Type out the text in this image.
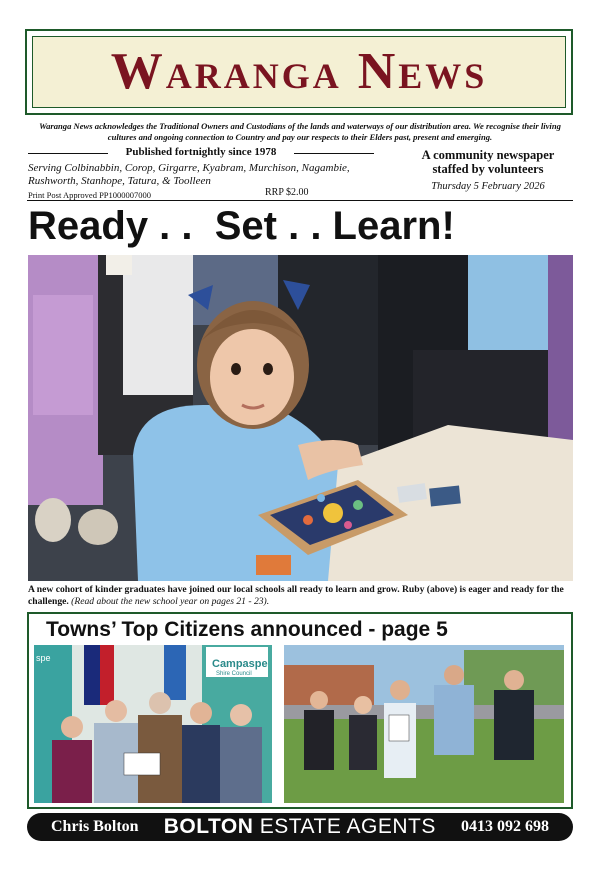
Waranga News
Waranga News acknowledges the Traditional Owners and Custodians of the lands and waterways of our distribution area. We recognise their living cultures and ongoing connection to Country and pay our respects to their Elders past, present and emerging.
Published fortnightly since 1978
Serving Colbinabbin, Corop, Girgarre, Kyabram, Murchison, Nagambie, Rushworth, Stanhope, Tatura, & Toolleen
Print Post Approved PP1000007000	RRP $2.00
A community newspaper staffed by volunteers
Thursday 5 February 2026
Ready . .  Set . . Learn!
A new cohort of kinder graduates have joined our local schools all ready to learn and grow. Ruby (above) is eager and ready for the challenge. (Read about the new school year on pages 21 - 23).
Towns’ Top Citizens announced - page 5
spe	Campaspe
Shire Council
Chris Bolton BOLTON ESTATE AGENTS 0413 092 698
